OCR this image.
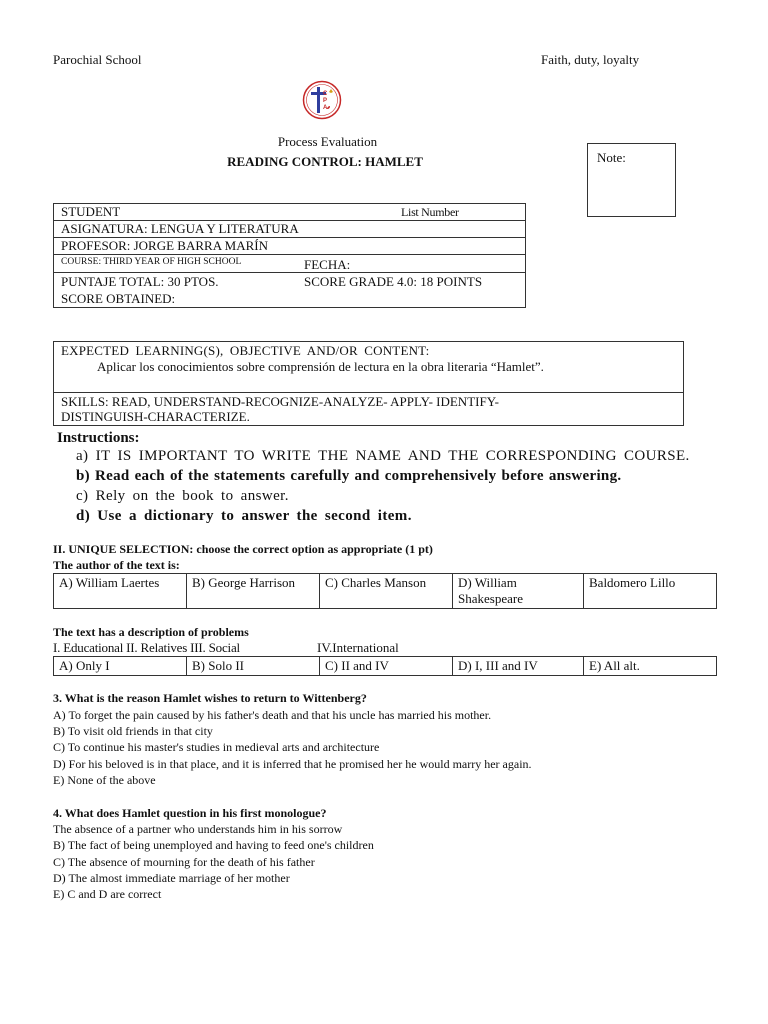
Parochial School	Faith, duty, loyalty
C
P
A
Process Evaluation
READING CONTROL: HAMLET	Note:
STUDENT	List Number
ASIGNATURA: LENGUA Y LITERATURA
PROFESOR: JORGE BARRA MARÍN
COURSE: THIRD YEAR OF HIGH SCHOOL	FECHA:
PUNTAJE TOTAL: 30 PTOS.	SCORE GRADE 4.0: 18 POINTS
SCORE OBTAINED:
EXPECTED LEARNING(S), OBJECTIVE AND/OR CONTENT:
Aplicar los conocimientos sobre comprensión de lectura en la obra literaria “Hamlet”.
SKILLS: READ, UNDERSTAND-RECOGNIZE-ANALYZE- APPLY- IDENTIFY-
DISTINGUISH-CHARACTERIZE.
Instructions:
a) IT IS IMPORTANT TO WRITE THE NAME AND THE CORRESPONDING COURSE.
b) Read each of the statements carefully and comprehensively before answering.
c) Rely on the book to answer.
d) Use a dictionary to answer the second item.
II. UNIQUE SELECTION: choose the correct option as appropriate (1 pt)
The author of the text is:
A) William Laertes	B) George Harrison	C) Charles Manson	D) William Shakespeare	Baldomero Lillo
The text has a description of problems
I. Educational II. Relatives III. Social	IV.International
A) Only I	B) Solo II	C) II and IV	D) I, III and IV	E) All alt.
3. What is the reason Hamlet wishes to return to Wittenberg?
A) To forget the pain caused by his father's death and that his uncle has married his mother.
B) To visit old friends in that city
C) To continue his master's studies in medieval arts and architecture
D) For his beloved is in that place, and it is inferred that he promised her he would marry her again.
E) None of the above
4. What does Hamlet question in his first monologue?
The absence of a partner who understands him in his sorrow
B) The fact of being unemployed and having to feed one's children
C) The absence of mourning for the death of his father
D) The almost immediate marriage of her mother
E) C and D are correct
